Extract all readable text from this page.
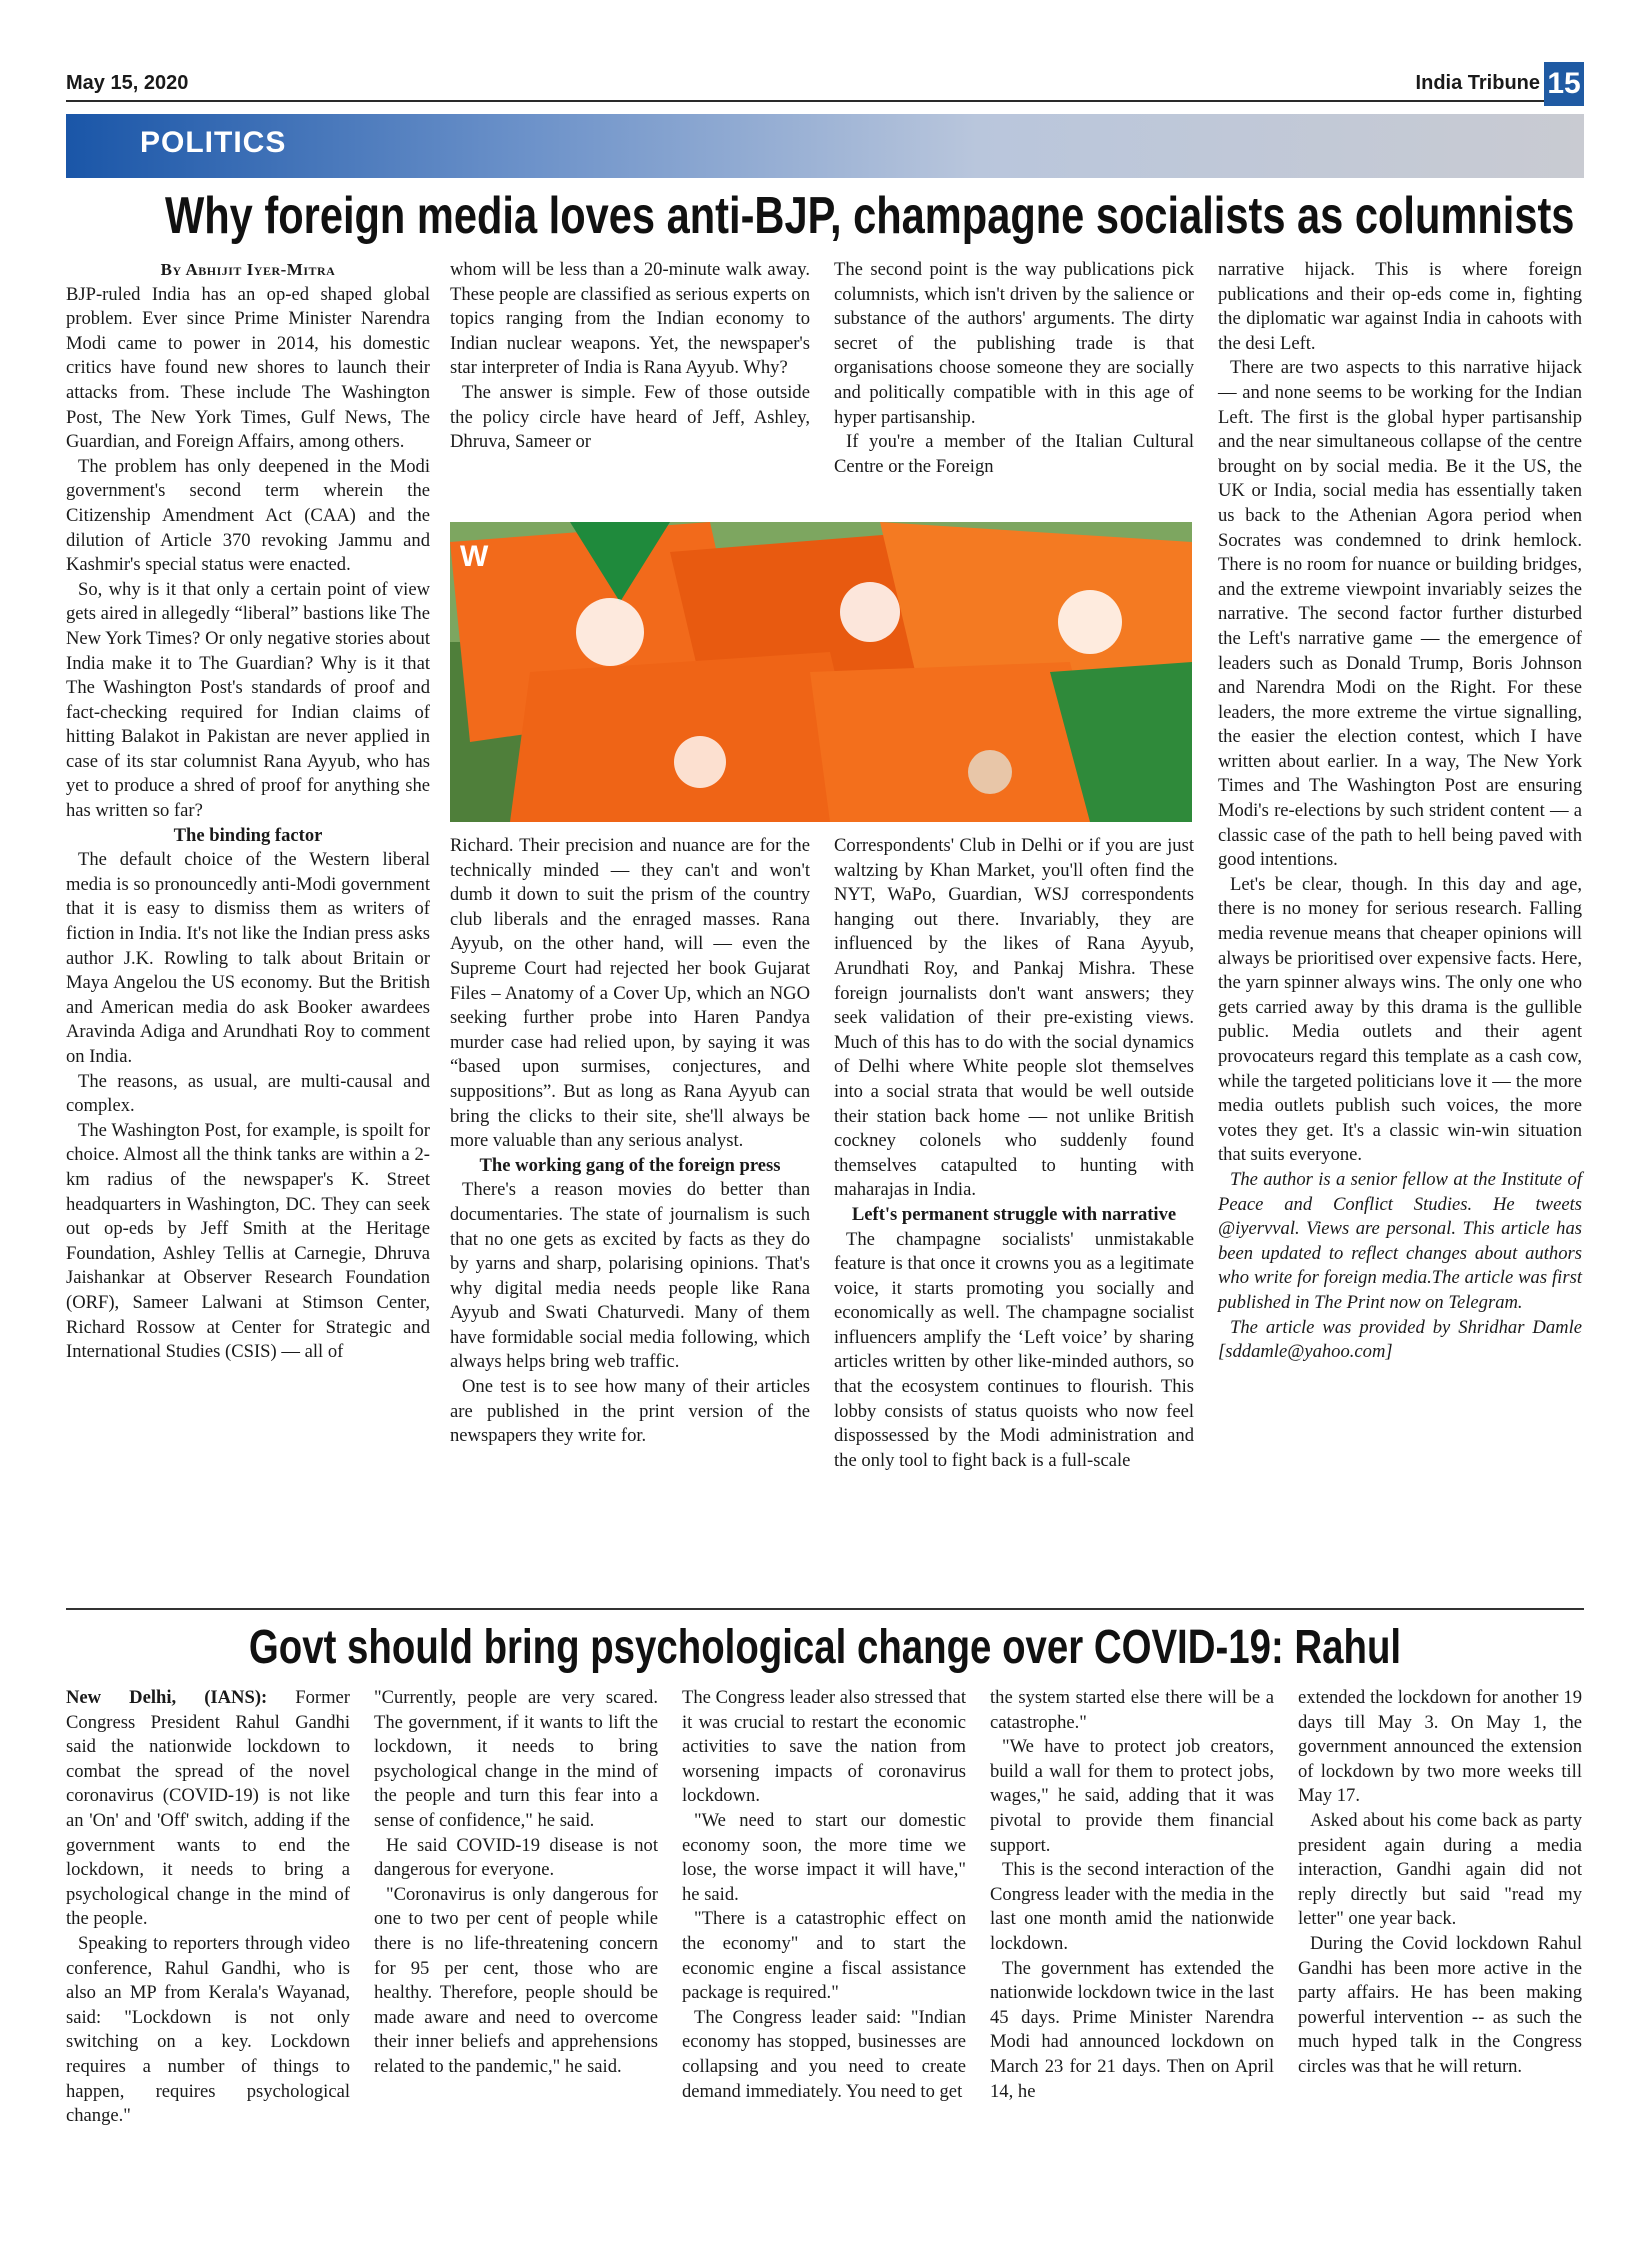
May 15, 2020	India Tribune 15
POLITICS
Why foreign media loves anti-BJP, champagne socialists as columnists
By Abhijit Iyer-Mitra

BJP-ruled India has an op-ed shaped global problem. Ever since Prime Minister Narendra Modi came to power in 2014, his domestic critics have found new shores to launch their attacks from. These include The Washington Post, The New York Times, Gulf News, The Guardian, and Foreign Affairs, among others.

The problem has only deepened in the Modi government's second term wherein the Citizenship Amendment Act (CAA) and the dilution of Article 370 revoking Jammu and Kashmir's special status were enacted.

So, why is it that only a certain point of view gets aired in allegedly “liberal” bastions like The New York Times? Or only negative stories about India make it to The Guardian? Why is it that The Washington Post's standards of proof and fact-checking required for Indian claims of hitting Balakot in Pakistan are never applied in case of its star columnist Rana Ayyub, who has yet to produce a shred of proof for anything she has written so far?

The binding factor

The default choice of the Western liberal media is so pronouncedly anti-Modi government that it is easy to dismiss them as writers of fiction in India. It's not like the Indian press asks author J.K. Rowling to talk about Britain or Maya Angelou the US economy. But the British and American media do ask Booker awardees Aravinda Adiga and Arundhati Roy to comment on India.

The reasons, as usual, are multi-causal and complex.

The Washington Post, for example, is spoilt for choice. Almost all the think tanks are within a 2-km radius of the newspaper's K. Street headquarters in Washington, DC. They can seek out op-eds by Jeff Smith at the Heritage Foundation, Ashley Tellis at Carnegie, Dhruva Jaishankar at Observer Research Foundation (ORF), Sameer Lalwani at Stimson Center, Richard Rossow at Center for Strategic and International Studies (CSIS) — all of

whom will be less than a 20-minute walk away. These people are classified as serious experts on topics ranging from the Indian economy to Indian nuclear weapons. Yet, the newspaper's star interpreter of India is Rana Ayyub. Why?

The answer is simple. Few of those outside the policy circle have heard of Jeff, Ashley, Dhruva, Sameer or

The second point is the way publications pick columnists, which isn't driven by the salience or substance of the authors' arguments. The dirty secret of the publishing trade is that organisations choose someone they are socially and politically compatible with in this age of hyper partisanship.

If you're a member of the Italian Cultural Centre or the Foreign

W

Richard. Their precision and nuance are for the technically minded — they can't and won't dumb it down to suit the prism of the country club liberals and the enraged masses. Rana Ayyub, on the other hand, will — even the Supreme Court had rejected her book Gujarat Files – Anatomy of a Cover Up, which an NGO seeking further probe into Haren Pandya murder case had relied upon, by saying it was “based upon surmises, conjectures, and suppositions”. But as long as Rana Ayyub can bring the clicks to their site, she'll always be more valuable than any serious analyst.

The working gang of the foreign press

There's a reason movies do better than documentaries. The state of journalism is such that no one gets as excited by facts as they do by yarns and sharp, polarising opinions. That's why digital media needs people like Rana Ayyub and Swati Chaturvedi. Many of them have formidable social media following, which always helps bring web traffic.

One test is to see how many of their articles are published in the print version of the newspapers they write for.

Correspondents' Club in Delhi or if you are just waltzing by Khan Market, you'll often find the NYT, WaPo, Guardian, WSJ correspondents hanging out there. Invariably, they are influenced by the likes of Rana Ayyub, Arundhati Roy, and Pankaj Mishra. These foreign journalists don't want answers; they seek validation of their pre-existing views. Much of this has to do with the social dynamics of Delhi where White people slot themselves into a social strata that would be well outside their station back home — not unlike British cockney colonels who suddenly found themselves catapulted to hunting with maharajas in India.

Left's permanent struggle with narrative

The champagne socialists' unmistakable feature is that once it crowns you as a legitimate voice, it starts promoting you socially and economically as well. The champagne socialist influencers amplify the ‘Left voice’ by sharing articles written by other like-minded authors, so that the ecosystem continues to flourish. This lobby consists of status quoists who now feel dispossessed by the Modi administration and the only tool to fight back is a full-scale

narrative hijack. This is where foreign publications and their op-eds come in, fighting the diplomatic war against India in cahoots with the desi Left.

There are two aspects to this narrative hijack — and none seems to be working for the Indian Left. The first is the global hyper partisanship and the near simultaneous collapse of the centre brought on by social media. Be it the US, the UK or India, social media has essentially taken us back to the Athenian Agora period when Socrates was condemned to drink hemlock. There is no room for nuance or building bridges, and the extreme viewpoint invariably seizes the narrative. The second factor further disturbed the Left's narrative game — the emergence of leaders such as Donald Trump, Boris Johnson and Narendra Modi on the Right. For these leaders, the more extreme the virtue signalling, the easier the election contest, which I have written about earlier. In a way, The New York Times and The Washington Post are ensuring Modi's re-elections by such strident content — a classic case of the path to hell being paved with good intentions.

Let's be clear, though. In this day and age, there is no money for serious research. Falling media revenue means that cheaper opinions will always be prioritised over expensive facts. Here, the yarn spinner always wins. The only one who gets carried away by this drama is the gullible public. Media outlets and their agent provocateurs regard this template as a cash cow, while the targeted politicians love it — the more media outlets publish such voices, the more votes they get. It's a classic win-win situation that suits everyone.

The author is a senior fellow at the Institute of Peace and Conflict Studies. He tweets @iyervval. Views are personal. This article has been updated to reflect changes about authors who write for foreign media.The article was first published in The Print now on Telegram.

The article was provided by Shridhar Damle [sddamle@yahoo.com]

Govt should bring psychological change over COVID-19: Rahul

New Delhi, (IANS): Former Congress President Rahul Gandhi said the nationwide lockdown to combat the spread of the novel coronavirus (COVID-19) is not like an 'On' and 'Off' switch, adding if the government wants to end the lockdown, it needs to bring a psychological change in the mind of the people.

Speaking to reporters through video conference, Rahul Gandhi, who is also an MP from Kerala's Wayanad, said: "Lockdown is not only switching on a key. Lockdown requires a number of things to happen, requires psychological change."

"Currently, people are very scared. The government, if it wants to lift the lockdown, it needs to bring psychological change in the mind of the people and turn this fear into a sense of confidence," he said.

He said COVID-19 disease is not dangerous for everyone.

"Coronavirus is only dangerous for one to two per cent of people while there is no life-threatening concern for 95 per cent, those who are healthy. Therefore, people should be made aware and need to overcome their inner beliefs and apprehensions related to the pandemic," he said.

The Congress leader also stressed that it was crucial to restart the economic activities to save the nation from worsening impacts of coronavirus lockdown.

"We need to start our domestic economy soon, the more time we lose, the worse impact it will have," he said.

"There is a catastrophic effect on the economy" and to start the economic engine a fiscal assistance package is required."

The Congress leader said: "Indian economy has stopped, businesses are collapsing and you need to create demand immediately. You need to get

the system started else there will be a catastrophe."

"We have to protect job creators, build a wall for them to protect jobs, wages," he said, adding that it was pivotal to provide them financial support.

This is the second interaction of the Congress leader with the media in the last one month amid the nationwide lockdown.

The government has extended the nationwide lockdown twice in the last 45 days. Prime Minister Narendra Modi had announced lockdown on March 23 for 21 days. Then on April 14, he

extended the lockdown for another 19 days till May 3. On May 1, the government announced the extension of lockdown by two more weeks till May 17.

Asked about his come back as party president again during a media interaction, Gandhi again did not reply directly but said "read my letter" one year back.

During the Covid lockdown Rahul Gandhi has been more active in the party affairs. He has been making powerful intervention -- as such the much hyped talk in the Congress circles was that he will return.
